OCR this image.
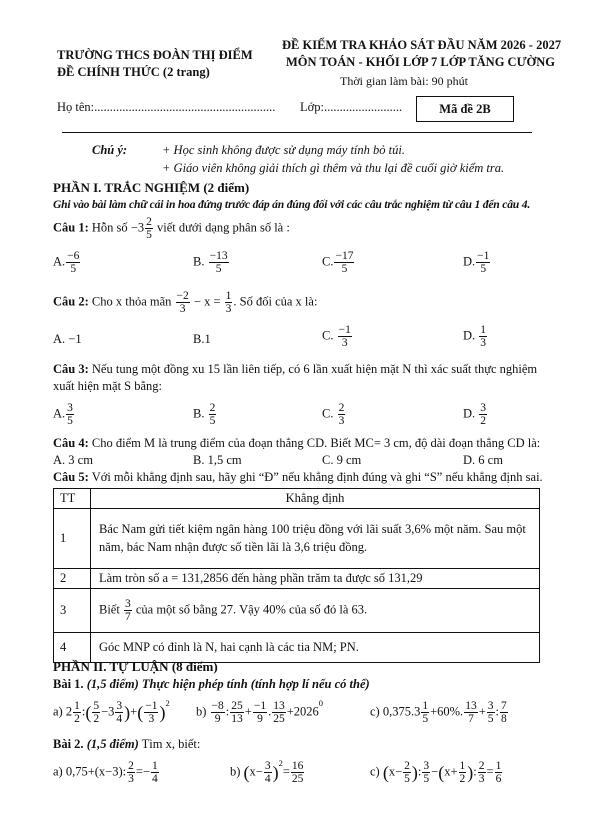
TRƯỜNG THCS ĐOÀN THỊ ĐIỂM
ĐỀ CHÍNH THỨC (2 trang)
ĐỀ KIỂM TRA KHẢO SÁT ĐẦU NĂM 2026 - 2027
MÔN TOÁN - KHỐI LỚP 7 LỚP TĂNG CƯỜNG
Thời gian làm bài: 90 phút
Họ tên:.......................................................... Lớp:.........................	Mã đề 2B
Chú ý:	+ Học sinh không được sử dụng máy tính bỏ túi.
+ Giáo viên không giải thích gì thêm và thu lại đề cuối giờ kiểm tra.
PHẦN I. TRẮC NGHIỆM (2 điểm)
Ghi vào bài làm chữ cái in hoa đứng trước đáp án đúng đối với các câu trắc nghiệm từ câu 1 đến câu 4.
Câu 1: Hỗn số $-3 \frac{2}{5}$ viết dưới dạng phân số là :
A. $\frac{-6}{5}$	B. $\frac{-13}{5}$	C. $\frac{-17}{5}$	D. $\frac{-1}{5}$
Câu 2: Cho x thỏa mãn $\frac{-2}{3} - x = \frac{1}{3}$ . Số đối của x là:
A. −1	B.1	C. $\frac{-1}{3}$	D. $\frac{1}{3}$
Câu 3: Nếu tung một đồng xu 15 lần liên tiếp, có 6 lần xuất hiện mặt N thì xác suất thực nghiệm
xuất hiện mặt S bằng:
A. $\frac{3}{5}$	B. $\frac{2}{5}$	C. $\frac{2}{3}$	D. $\frac{3}{2}$
Câu 4: Cho điểm M là trung điểm của đoạn thẳng CD. Biết MC= 3 cm, độ dài đoạn thẳng CD là:
A. 3 cm	B. 1,5 cm	C. 9 cm	D. 6 cm
Câu 5: Với mỗi khẳng định sau, hãy ghi “Đ” nếu khẳng định đúng và ghi “S” nếu khẳng định sai.
TT	Khẳng định
1	Bác Nam gửi tiết kiệm ngân hàng 100 triệu đồng với lãi suất 3,6% một năm. Sau một
năm, bác Nam nhận được số tiền lãi là 3,6 triệu đồng.
2	Làm tròn số a = 131,2856 đến hàng phần trăm ta được số 131,29
3	Biết $\frac{3}{7}$ của một số bằng 27. Vậy 40% của số đó là 63.
4	Góc MNP có đỉnh là N, hai cạnh là các tia NM; PN.
PHẦN II. TỰ LUẬN (8 điểm)
Bài 1. (1,5 điểm) Thực hiện phép tính (tính hợp lí nếu có thể)
a) $2 \frac{1}{2}$ :( $\frac{5}{2} -3 \frac{3}{4}$ )+( $\frac{-1}{3} )^2$
$b) \frac{-8}{9}$ : $\frac{25}{13} + \frac{-1}{9}$ . $\frac{13}{25} +2026^0$
c) $0,375.3 \frac{1}{5} +60\%$. $\frac{13}{7} + \frac{3}{5}$ : $\frac{7}{8}$
Bài 2. (1,5 điểm) Tìm x, biết:
a) 0,75+(x−3): $\frac{2}{3} =- \frac{1}{4}$	b) $(x- \frac{3}{4} )^2= \frac{16}{25}$	c) ($x- \frac{2}{5}$ ): $\frac{3}{5} -(x+ \frac{1}{2}$ ): $\frac{2}{3} = \frac{1}{6}$
